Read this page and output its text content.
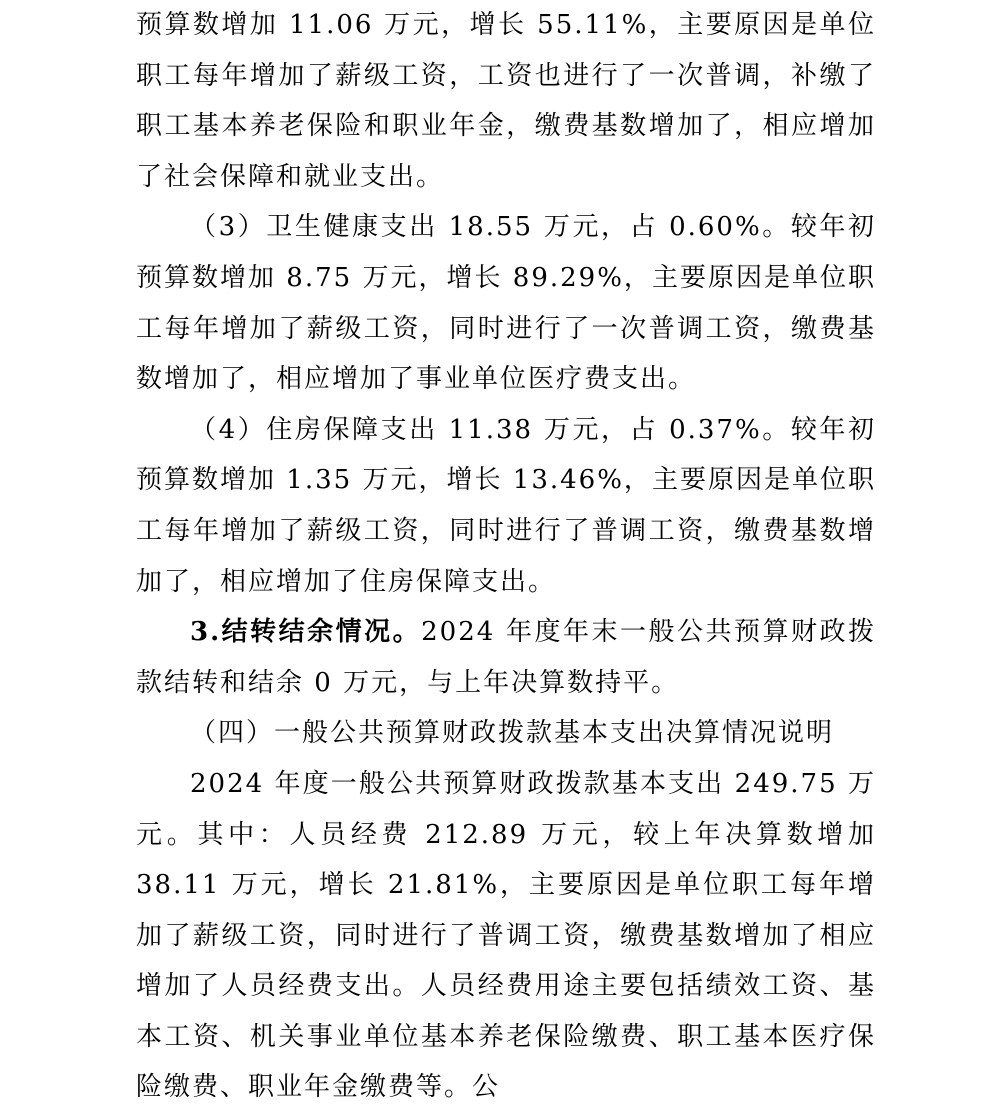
预算数增加 11.06 万元，增长 55.11%，主要原因是单位职工每年增加了薪级工资，工资也进行了一次普调，补缴了职工基本养老保险和职业年金，缴费基数增加了，相应增加了社会保障和就业支出。

（3）卫生健康支出 18.55 万元，占 0.60%。较年初预算数增加 8.75 万元，增长 89.29%，主要原因是单位职工每年增加了薪级工资，同时进行了一次普调工资，缴费基数增加了，相应增加了事业单位医疗费支出。

（4）住房保障支出 11.38 万元，占 0.37%。较年初预算数增加 1.35 万元，增长 13.46%，主要原因是单位职工每年增加了薪级工资，同时进行了普调工资，缴费基数增加了，相应增加了住房保障支出。

3.结转结余情况。2024 年度年末一般公共预算财政拨款结转和结余 0 万元，与上年决算数持平。

（四）一般公共预算财政拨款基本支出决算情况说明

2024 年度一般公共预算财政拨款基本支出 249.75 万元。其中：人员经费 212.89 万元，较上年决算数增加 38.11 万元，增长 21.81%，主要原因是单位职工每年增加了薪级工资，同时进行了普调工资，缴费基数增加了相应增加了人员经费支出。人员经费用途主要包括绩效工资、基本工资、机关事业单位基本养老保险缴费、职工基本医疗保险缴费、职业年金缴费等。公
